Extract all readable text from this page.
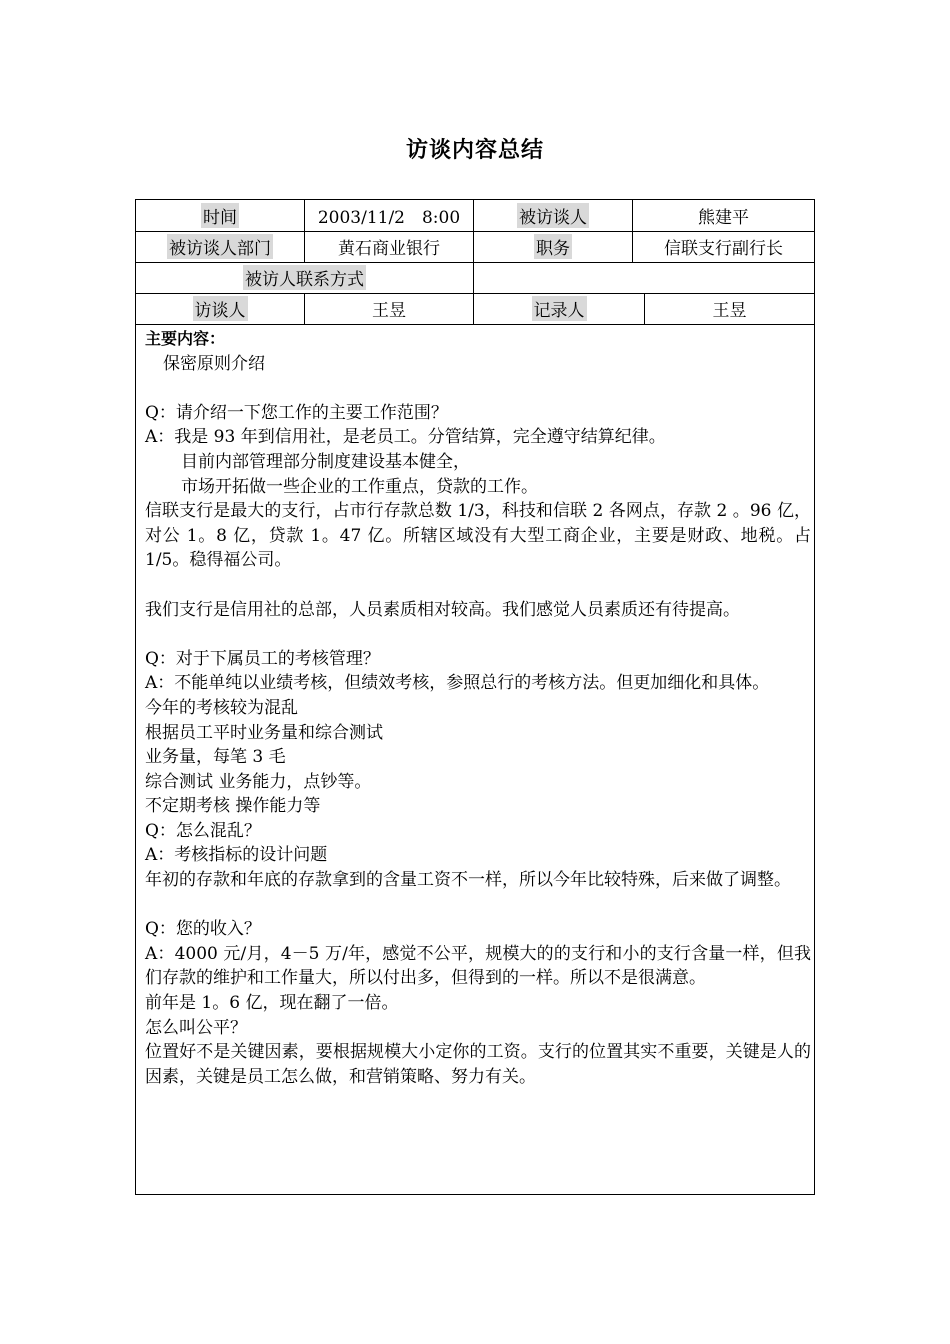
访谈内容总结
时间	2003/11/2　8:00	被访谈人	熊建平
被访谈人部门	黄石商业银行	职务	信联支行副行长
被访人联系方式
访谈人	王昱	记录人	王昱

主要内容：

保密原则介绍

Q：请介绍一下您工作的主要工作范围？

A：我是 93 年到信用社，是老员工。分管结算，完全遵守结算纪律。

目前内部管理部分制度建设基本健全，

市场开拓做一些企业的工作重点，贷款的工作。

信联支行是最大的支行，占市行存款总数 1/3，科技和信联 2 各网点，存款 2 。96 亿，对公 1。8 亿，贷款 1。47 亿。所辖区域没有大型工商企业，主要是财政、地税。占 1/5。稳得福公司。

我们支行是信用社的总部，人员素质相对较高。我们感觉人员素质还有待提高。

Q：对于下属员工的考核管理？

A：不能单纯以业绩考核，但绩效考核，参照总行的考核方法。但更加细化和具体。

今年的考核较为混乱

根据员工平时业务量和综合测试

业务量，每笔 3 毛

综合测试 业务能力，点钞等。

不定期考核 操作能力等

Q：怎么混乱？

A：考核指标的设计问题

年初的存款和年底的存款拿到的含量工资不一样，所以今年比较特殊，后来做了调整。

Q：您的收入？

A：4000 元/月，4－5 万/年，感觉不公平，规模大的的支行和小的支行含量一样，但我们存款的维护和工作量大，所以付出多，但得到的一样。所以不是很满意。

前年是 1。6 亿，现在翻了一倍。

怎么叫公平？

位置好不是关键因素，要根据规模大小定你的工资。支行的位置其实不重要，关键是人的因素，关键是员工怎么做，和营销策略、努力有关。
